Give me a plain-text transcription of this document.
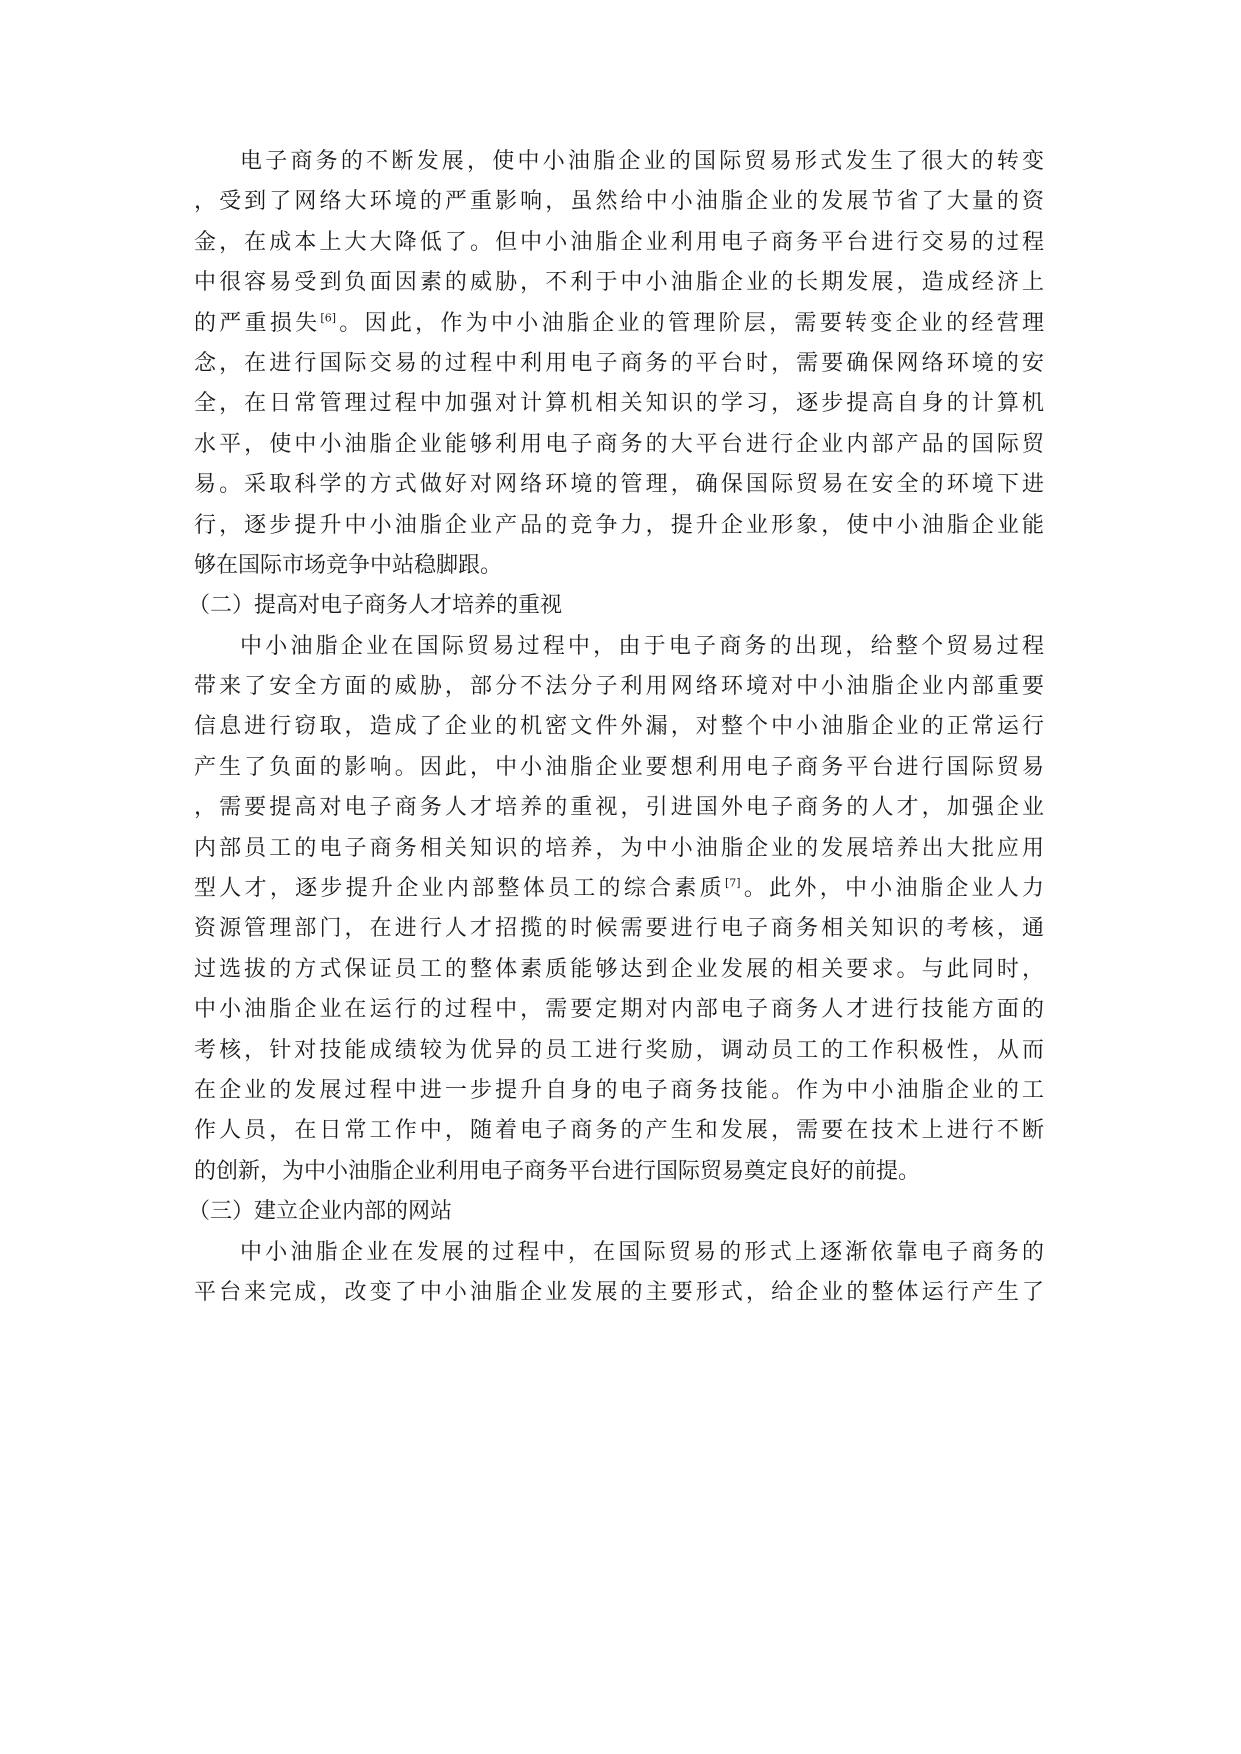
电子商务的不断发展，使中小油脂企业的国际贸易形式发生了很大的转变
，受到了网络大环境的严重影响，虽然给中小油脂企业的发展节省了大量的资
金，在成本上大大降低了。但中小油脂企业利用电子商务平台进行交易的过程
中很容易受到负面因素的威胁，不利于中小油脂企业的长期发展，造成经济上
的严重损失[6]。因此，作为中小油脂企业的管理阶层，需要转变企业的经营理
念，在进行国际交易的过程中利用电子商务的平台时，需要确保网络环境的安
全，在日常管理过程中加强对计算机相关知识的学习，逐步提高自身的计算机
水平，使中小油脂企业能够利用电子商务的大平台进行企业内部产品的国际贸
易。采取科学的方式做好对网络环境的管理，确保国际贸易在安全的环境下进
行，逐步提升中小油脂企业产品的竞争力，提升企业形象，使中小油脂企业能
够在国际市场竞争中站稳脚跟。
（二）提高对电子商务人才培养的重视
中小油脂企业在国际贸易过程中，由于电子商务的出现，给整个贸易过程
带来了安全方面的威胁，部分不法分子利用网络环境对中小油脂企业内部重要
信息进行窃取，造成了企业的机密文件外漏，对整个中小油脂企业的正常运行
产生了负面的影响。因此，中小油脂企业要想利用电子商务平台进行国际贸易
，需要提高对电子商务人才培养的重视，引进国外电子商务的人才，加强企业
内部员工的电子商务相关知识的培养，为中小油脂企业的发展培养出大批应用
型人才，逐步提升企业内部整体员工的综合素质[7]。此外，中小油脂企业人力
资源管理部门，在进行人才招揽的时候需要进行电子商务相关知识的考核，通
过选拔的方式保证员工的整体素质能够达到企业发展的相关要求。与此同时，
中小油脂企业在运行的过程中，需要定期对内部电子商务人才进行技能方面的
考核，针对技能成绩较为优异的员工进行奖励，调动员工的工作积极性，从而
在企业的发展过程中进一步提升自身的电子商务技能。作为中小油脂企业的工
作人员，在日常工作中，随着电子商务的产生和发展，需要在技术上进行不断
的创新，为中小油脂企业利用电子商务平台进行国际贸易奠定良好的前提。
（三）建立企业内部的网站
中小油脂企业在发展的过程中，在国际贸易的形式上逐渐依靠电子商务的
平台来完成，改变了中小油脂企业发展的主要形式，给企业的整体运行产生了
